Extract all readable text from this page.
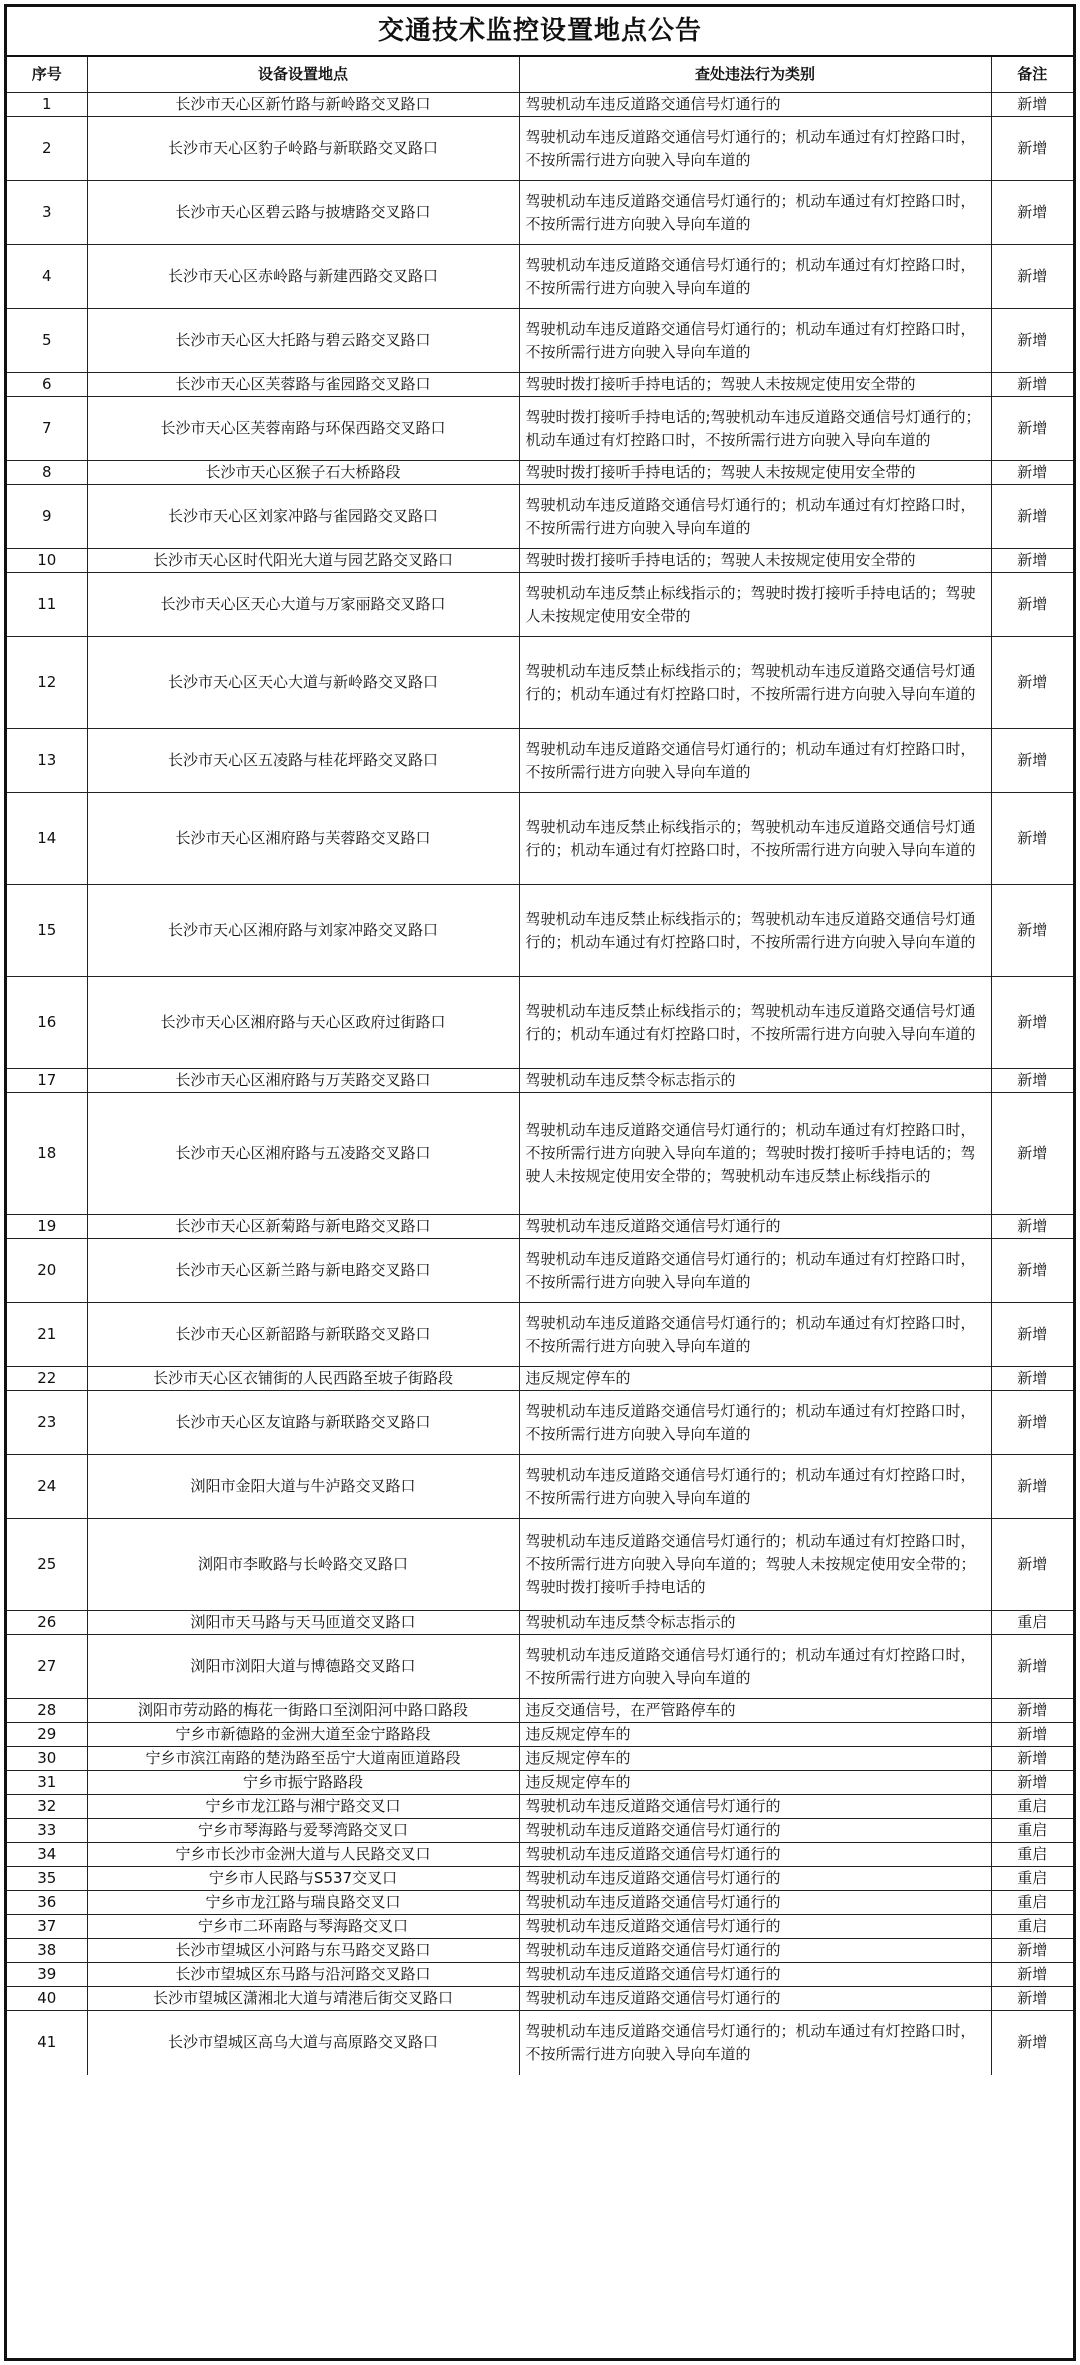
交通技术监控设置地点公告
序号	设备设置地点	查处违法行为类别	备注
1	长沙市天心区新竹路与新岭路交叉路口	驾驶机动车违反道路交通信号灯通行的	新增
2	长沙市天心区豹子岭路与新联路交叉路口	驾驶机动车违反道路交通信号灯通行的；机动车通过有灯控路口时，不按所需行进方向驶入导向车道的	新增
3	长沙市天心区碧云路与披塘路交叉路口	驾驶机动车违反道路交通信号灯通行的；机动车通过有灯控路口时，不按所需行进方向驶入导向车道的	新增
4	长沙市天心区赤岭路与新建西路交叉路口	驾驶机动车违反道路交通信号灯通行的；机动车通过有灯控路口时，不按所需行进方向驶入导向车道的	新增
5	长沙市天心区大托路与碧云路交叉路口	驾驶机动车违反道路交通信号灯通行的；机动车通过有灯控路口时，不按所需行进方向驶入导向车道的	新增
6	长沙市天心区芙蓉路与雀园路交叉路口	驾驶时拨打接听手持电话的；驾驶人未按规定使用安全带的	新增
7	长沙市天心区芙蓉南路与环保西路交叉路口	驾驶时拨打接听手持电话的;驾驶机动车违反道路交通信号灯通行的；机动车通过有灯控路口时，不按所需行进方向驶入导向车道的	新增
8	长沙市天心区猴子石大桥路段	驾驶时拨打接听手持电话的；驾驶人未按规定使用安全带的	新增
9	长沙市天心区刘家冲路与雀园路交叉路口	驾驶机动车违反道路交通信号灯通行的；机动车通过有灯控路口时，不按所需行进方向驶入导向车道的	新增
10	长沙市天心区时代阳光大道与园艺路交叉路口	驾驶时拨打接听手持电话的；驾驶人未按规定使用安全带的	新增
11	长沙市天心区天心大道与万家丽路交叉路口	驾驶机动车违反禁止标线指示的；驾驶时拨打接听手持电话的；驾驶人未按规定使用安全带的	新增
12	长沙市天心区天心大道与新岭路交叉路口	驾驶机动车违反禁止标线指示的；驾驶机动车违反道路交通信号灯通行的；机动车通过有灯控路口时，不按所需行进方向驶入导向车道的	新增
13	长沙市天心区五凌路与桂花坪路交叉路口	驾驶机动车违反道路交通信号灯通行的；机动车通过有灯控路口时，不按所需行进方向驶入导向车道的	新增
14	长沙市天心区湘府路与芙蓉路交叉路口	驾驶机动车违反禁止标线指示的；驾驶机动车违反道路交通信号灯通行的；机动车通过有灯控路口时，不按所需行进方向驶入导向车道的	新增
15	长沙市天心区湘府路与刘家冲路交叉路口	驾驶机动车违反禁止标线指示的；驾驶机动车违反道路交通信号灯通行的；机动车通过有灯控路口时，不按所需行进方向驶入导向车道的	新增
16	长沙市天心区湘府路与天心区政府过街路口	驾驶机动车违反禁止标线指示的；驾驶机动车违反道路交通信号灯通行的；机动车通过有灯控路口时，不按所需行进方向驶入导向车道的	新增
17	长沙市天心区湘府路与万芙路交叉路口	驾驶机动车违反禁令标志指示的	新增
18	长沙市天心区湘府路与五凌路交叉路口	驾驶机动车违反道路交通信号灯通行的；机动车通过有灯控路口时，不按所需行进方向驶入导向车道的；驾驶时拨打接听手持电话的；驾驶人未按规定使用安全带的；驾驶机动车违反禁止标线指示的	新增
19	长沙市天心区新菊路与新电路交叉路口	驾驶机动车违反道路交通信号灯通行的	新增
20	长沙市天心区新兰路与新电路交叉路口	驾驶机动车违反道路交通信号灯通行的；机动车通过有灯控路口时，不按所需行进方向驶入导向车道的	新增
21	长沙市天心区新韶路与新联路交叉路口	驾驶机动车违反道路交通信号灯通行的；机动车通过有灯控路口时，不按所需行进方向驶入导向车道的	新增
22	长沙市天心区衣铺街的人民西路至坡子街路段	违反规定停车的	新增
23	长沙市天心区友谊路与新联路交叉路口	驾驶机动车违反道路交通信号灯通行的；机动车通过有灯控路口时，不按所需行进方向驶入导向车道的	新增
24	浏阳市金阳大道与牛泸路交叉路口	驾驶机动车违反道路交通信号灯通行的；机动车通过有灯控路口时，不按所需行进方向驶入导向车道的	新增
25	浏阳市李畋路与长岭路交叉路口	驾驶机动车违反道路交通信号灯通行的；机动车通过有灯控路口时，不按所需行进方向驶入导向车道的；驾驶人未按规定使用安全带的；驾驶时拨打接听手持电话的	新增
26	浏阳市天马路与天马匝道交叉路口	驾驶机动车违反禁令标志指示的	重启
27	浏阳市浏阳大道与博德路交叉路口	驾驶机动车违反道路交通信号灯通行的；机动车通过有灯控路口时，不按所需行进方向驶入导向车道的	新增
28	浏阳市劳动路的梅花一街路口至浏阳河中路口路段	违反交通信号，在严管路停车的	新增
29	宁乡市新德路的金洲大道至金宁路路段	违反规定停车的	新增
30	宁乡市滨江南路的楚沩路至岳宁大道南匝道路段	违反规定停车的	新增
31	宁乡市振宁路路段	违反规定停车的	新增
32	宁乡市龙江路与湘宁路交叉口	驾驶机动车违反道路交通信号灯通行的	重启
33	宁乡市琴海路与爱琴湾路交叉口	驾驶机动车违反道路交通信号灯通行的	重启
34	宁乡市长沙市金洲大道与人民路交叉口	驾驶机动车违反道路交通信号灯通行的	重启
35	宁乡市人民路与S537交叉口	驾驶机动车违反道路交通信号灯通行的	重启
36	宁乡市龙江路与瑞良路交叉口	驾驶机动车违反道路交通信号灯通行的	重启
37	宁乡市二环南路与琴海路交叉口	驾驶机动车违反道路交通信号灯通行的	重启
38	长沙市望城区小河路与东马路交叉路口	驾驶机动车违反道路交通信号灯通行的	新增
39	长沙市望城区东马路与沿河路交叉路口	驾驶机动车违反道路交通信号灯通行的	新增
40	长沙市望城区潇湘北大道与靖港后街交叉路口	驾驶机动车违反道路交通信号灯通行的	新增
41	长沙市望城区高乌大道与高原路交叉路口	驾驶机动车违反道路交通信号灯通行的；机动车通过有灯控路口时，不按所需行进方向驶入导向车道的	新增
